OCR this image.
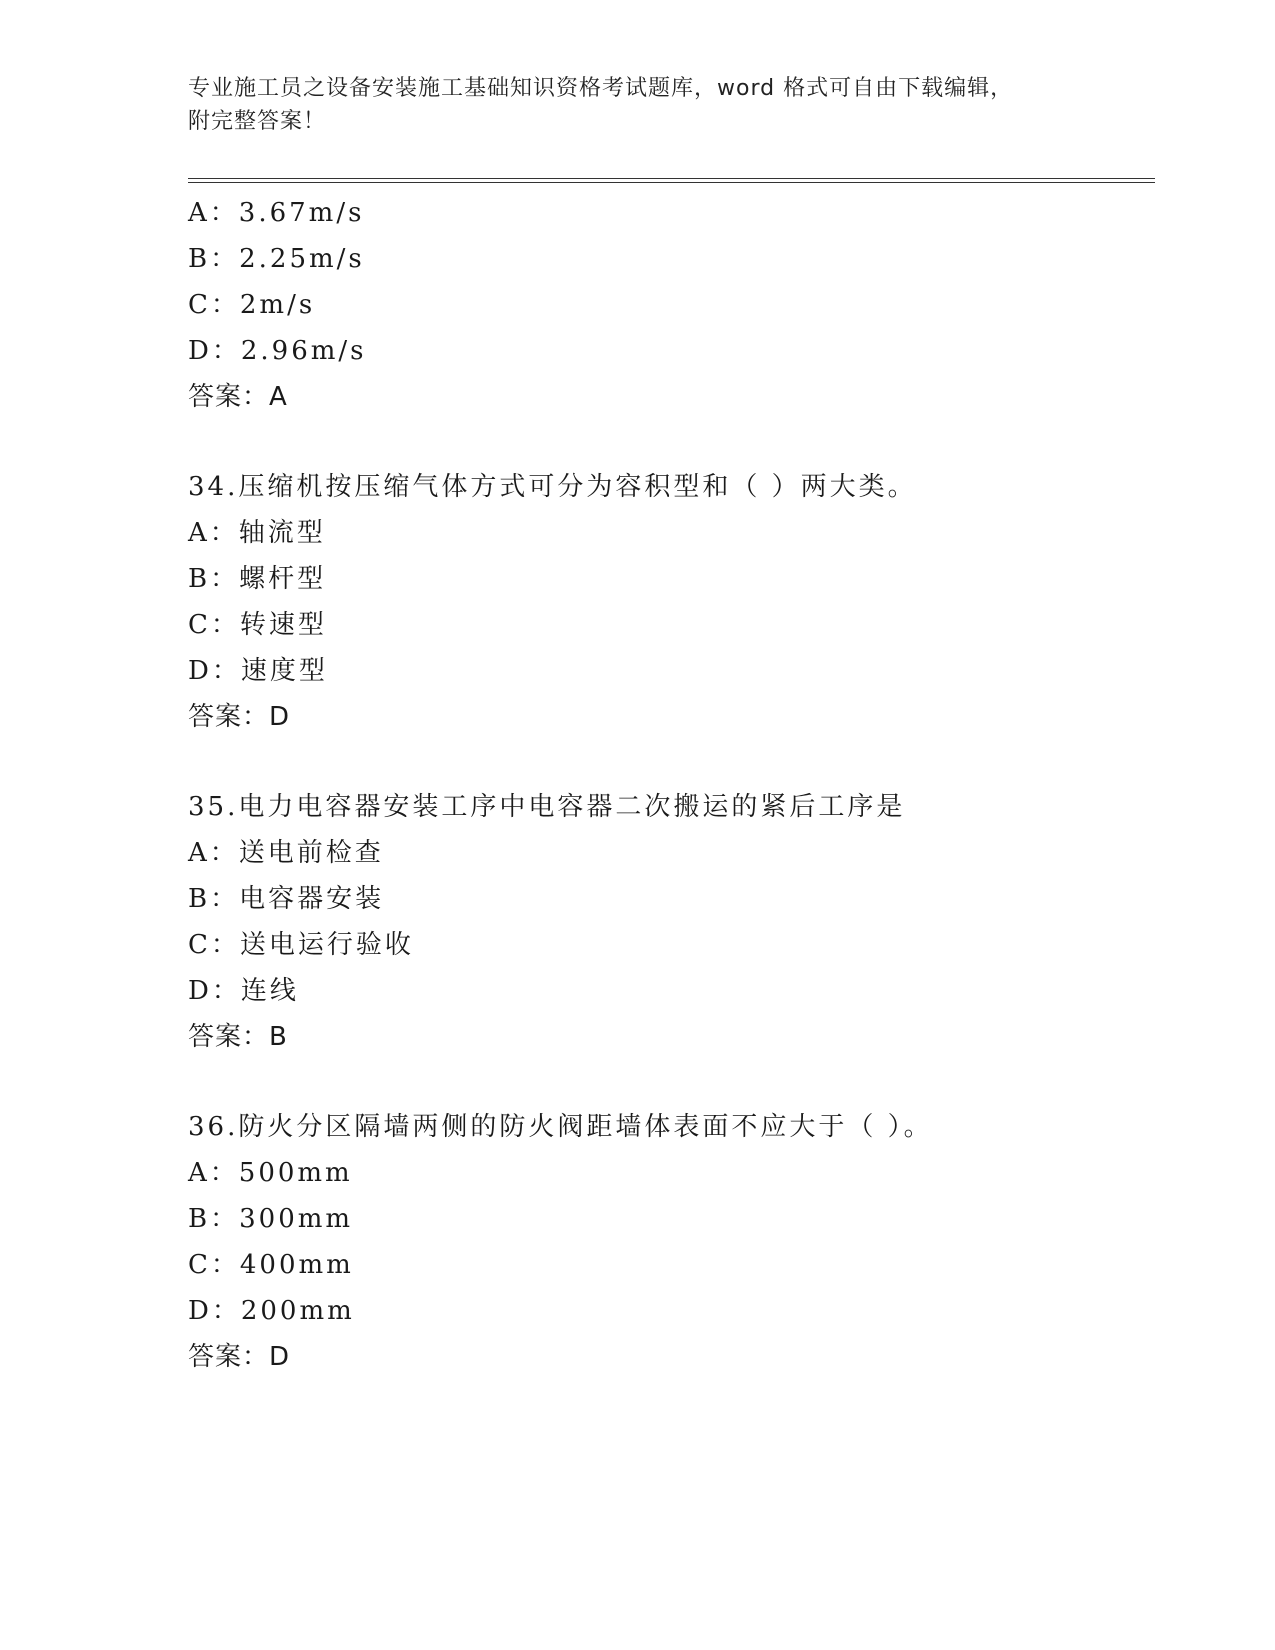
专业施工员之设备安装施工基础知识资格考试题库，word 格式可自由下载编辑，
附完整答案！
A：3.67m/s
B：2.25m/s
C：2m/s
D：2.96m/s
答案：A
34.压缩机按压缩气体方式可分为容积型和（ ）两大类。
A：轴流型
B：螺杆型
C：转速型
D：速度型
答案：D
35.电力电容器安装工序中电容器二次搬运的紧后工序是
A：送电前检查
B：电容器安装
C：送电运行验收
D：连线
答案：B
36.防火分区隔墙两侧的防火阀距墙体表面不应大于（ ）。
A：500mm
B：300mm
C：400mm
D：200mm
答案：D
